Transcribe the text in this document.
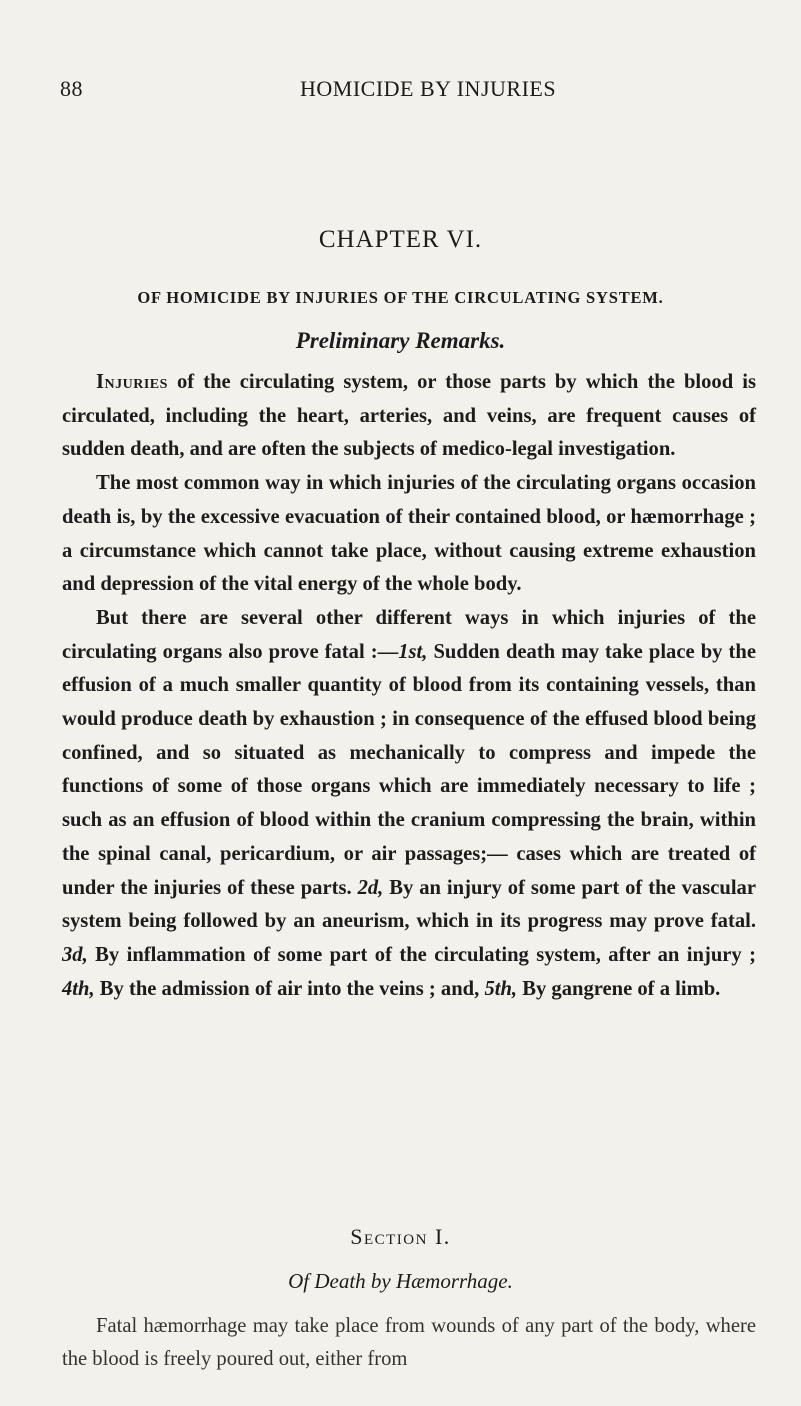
88	HOMICIDE BY INJURIES
CHAPTER VI.
OF HOMICIDE BY INJURIES OF THE CIRCULATING SYSTEM.
Preliminary Remarks.

Injuries of the circulating system, or those parts by which the blood is circulated, including the heart, arteries, and veins, are frequent causes of sudden death, and are often the subjects of medico-legal investigation.

The most common way in which injuries of the circulating organs occasion death is, by the excessive evacuation of their contained blood, or hæmorrhage ; a circumstance which cannot take place, without causing extreme exhaustion and depression of the vital energy of the whole body.

But there are several other different ways in which injuries of the circulating organs also prove fatal :—1st, Sudden death may take place by the effusion of a much smaller quantity of blood from its containing vessels, than would produce death by exhaustion ; in consequence of the effused blood being confined, and so situated as mechanically to compress and impede the functions of some of those organs which are immediately necessary to life ; such as an effusion of blood within the cranium compressing the brain, within the spinal canal, pericardium, or air passages;— cases which are treated of under the injuries of these parts. 2d, By an injury of some part of the vascular system being followed by an aneurism, which in its progress may prove fatal. 3d, By inflammation of some part of the circulating system, after an injury ; 4th, By the admission of air into the veins ; and, 5th, By gangrene of a limb.

Section I.
Of Death by Hæmorrhage.

Fatal hæmorrhage may take place from wounds of any part of the body, where the blood is freely poured out, either from
